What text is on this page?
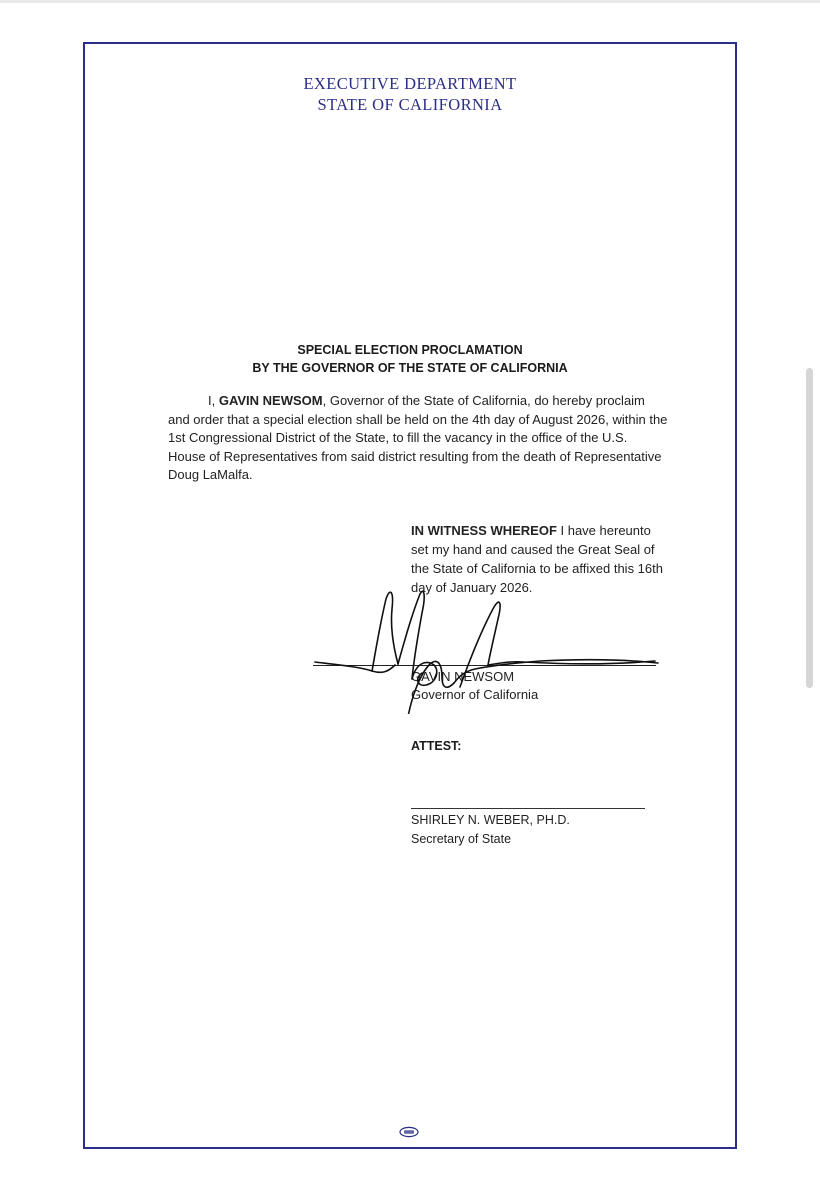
EXECUTIVE DEPARTMENT
STATE OF CALIFORNIA
SPECIAL ELECTION PROCLAMATION
BY THE GOVERNOR OF THE STATE OF CALIFORNIA
I, GAVIN NEWSOM, Governor of the State of California, do hereby proclaim and order that a special election shall be held on the 4th day of August 2026, within the 1st Congressional District of the State, to fill the vacancy in the office of the U.S. House of Representatives from said district resulting from the death of Representative Doug LaMalfa.
IN WITNESS WHEREOF I have hereunto set my hand and caused the Great Seal of the State of California to be affixed this 16th day of January 2026.
GAVIN NEWSOM
Governor of California
ATTEST:
SHIRLEY N. WEBER, PH.D.
Secretary of State
